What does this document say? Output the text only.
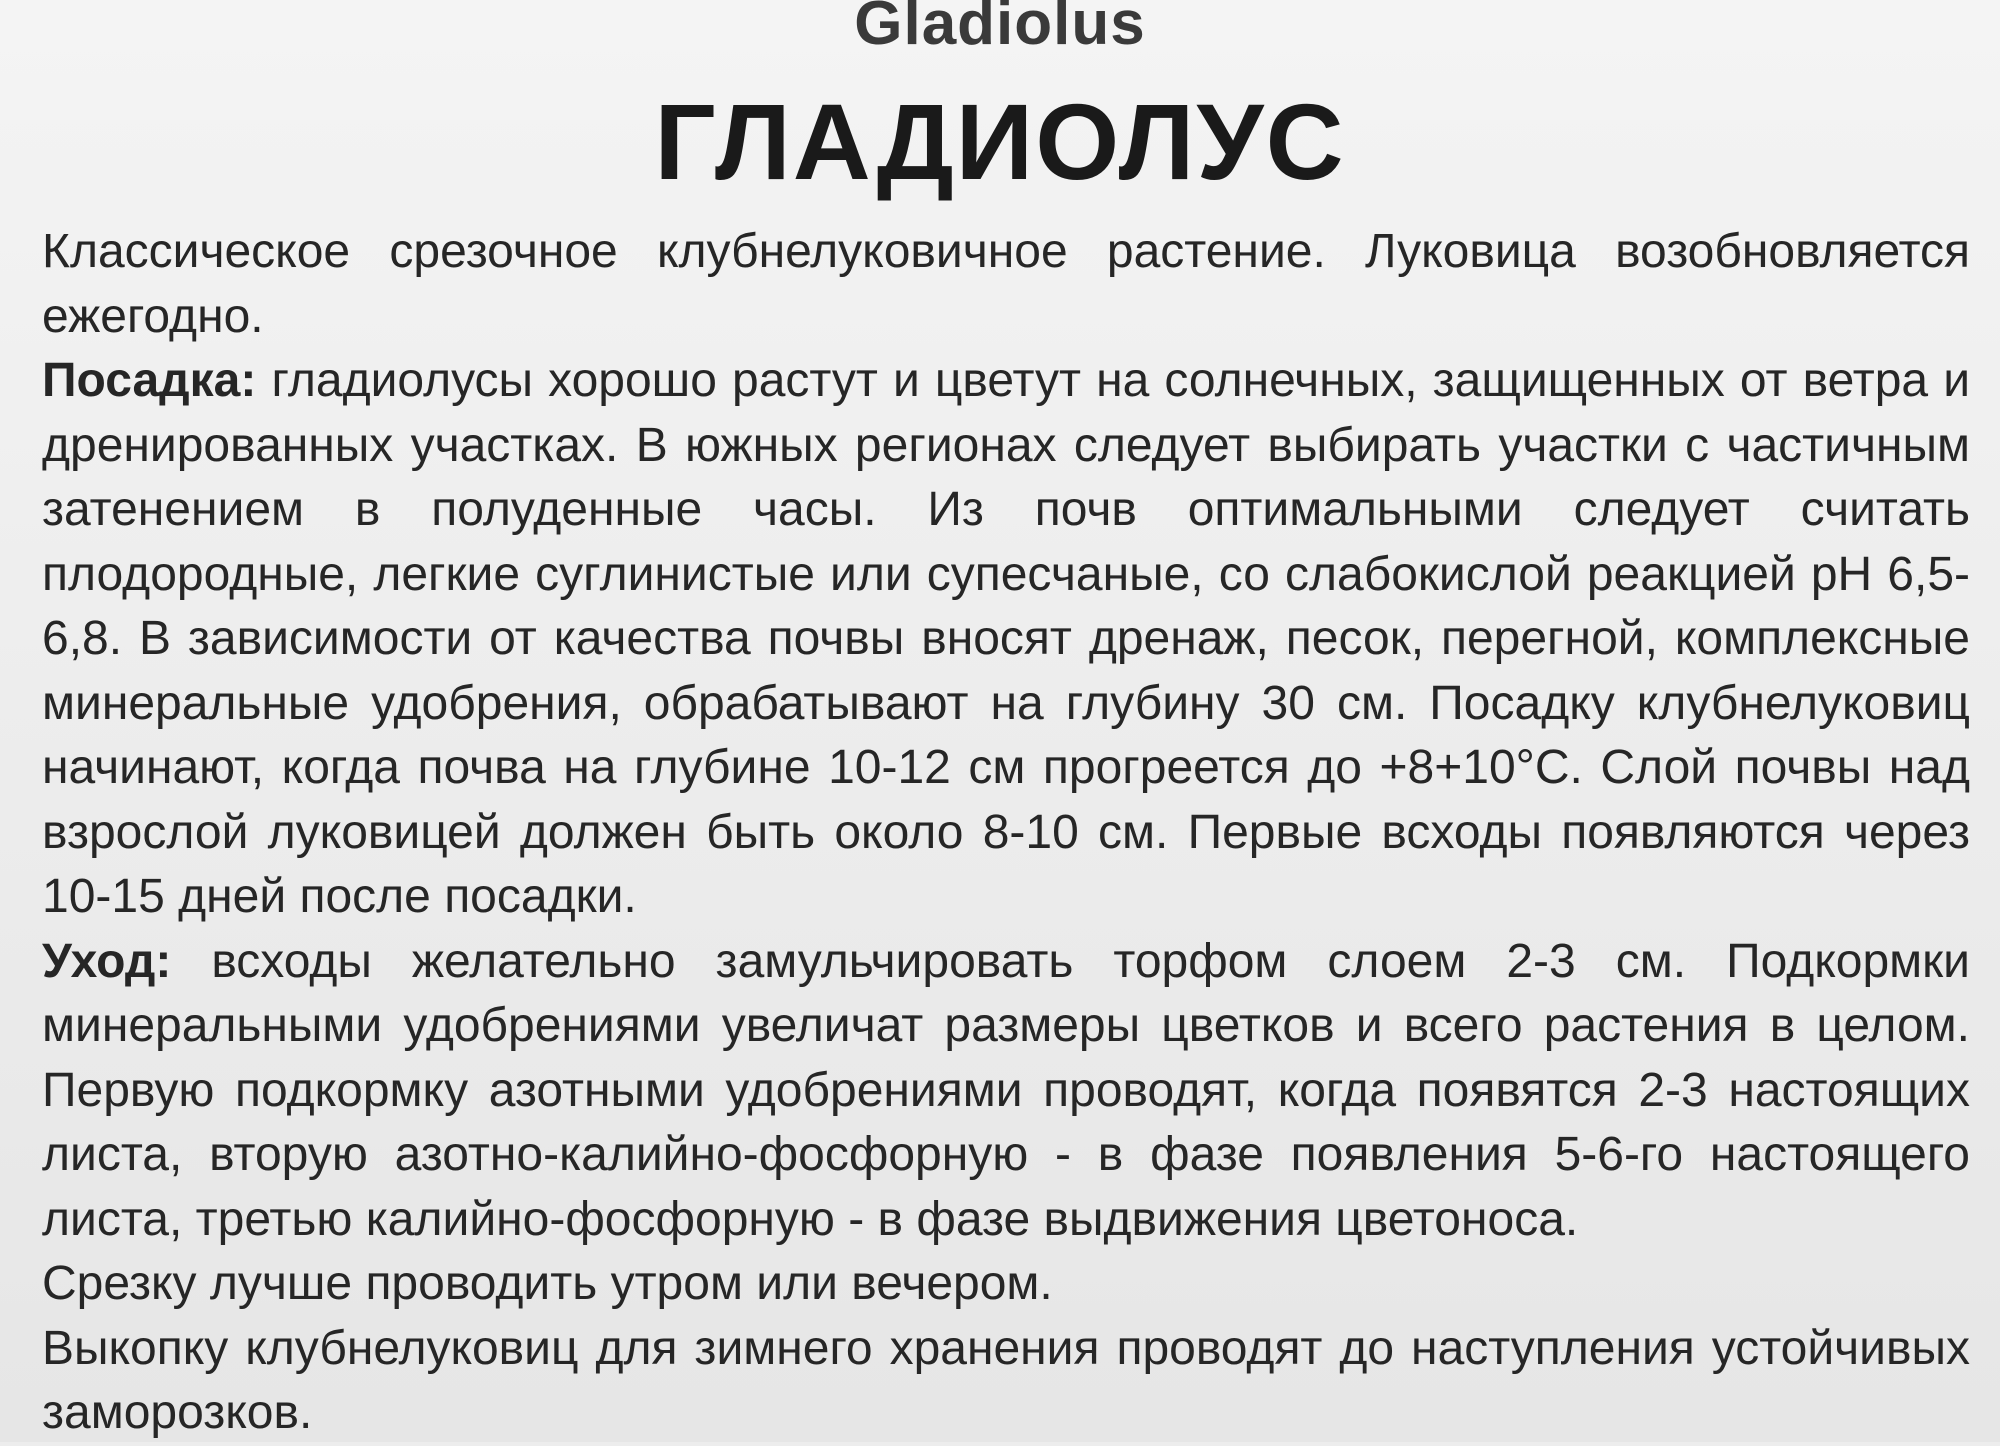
Gladiolus
ГЛАДИОЛУС

Классическое срезочное клубнелуковичное растение. Луковица возобновляется ежегодно.

Посадка: гладиолусы хорошо растут и цветут на солнечных, защищенных от ветра и дренированных участках. В южных регионах следует выбирать участки с частичным затенением в полуденные часы. Из почв оптимальными следует считать плодородные, легкие суглинистые или супесчаные, со слабокислой реакцией pH 6,5-6,8. В зависимости от качества почвы вносят дренаж, песок, перегной, комплексные минеральные удобрения, обрабатывают на глубину 30 см. Посадку клубнелуковиц начинают, когда почва на глубине 10-12 см прогреется до +8+10°С. Слой почвы над взрослой луковицей должен быть около 8-10 см. Первые всходы появляются через 10-15 дней после посадки.

Уход: всходы желательно замульчировать торфом слоем 2-3 см. Подкормки минеральными удобрениями увеличат размеры цветков и всего растения в целом. Первую подкормку азотными удобрениями проводят, когда появятся 2-3 настоящих листа, вторую азотно-калийно-фосфорную - в фазе появления 5-6-го настоящего листа, третью калийно-фосфорную - в фазе выдвижения цветоноса.

Срезку лучше проводить утром или вечером.

Выкопку клубнелуковиц для зимнего хранения проводят до наступления устойчивых заморозков.
